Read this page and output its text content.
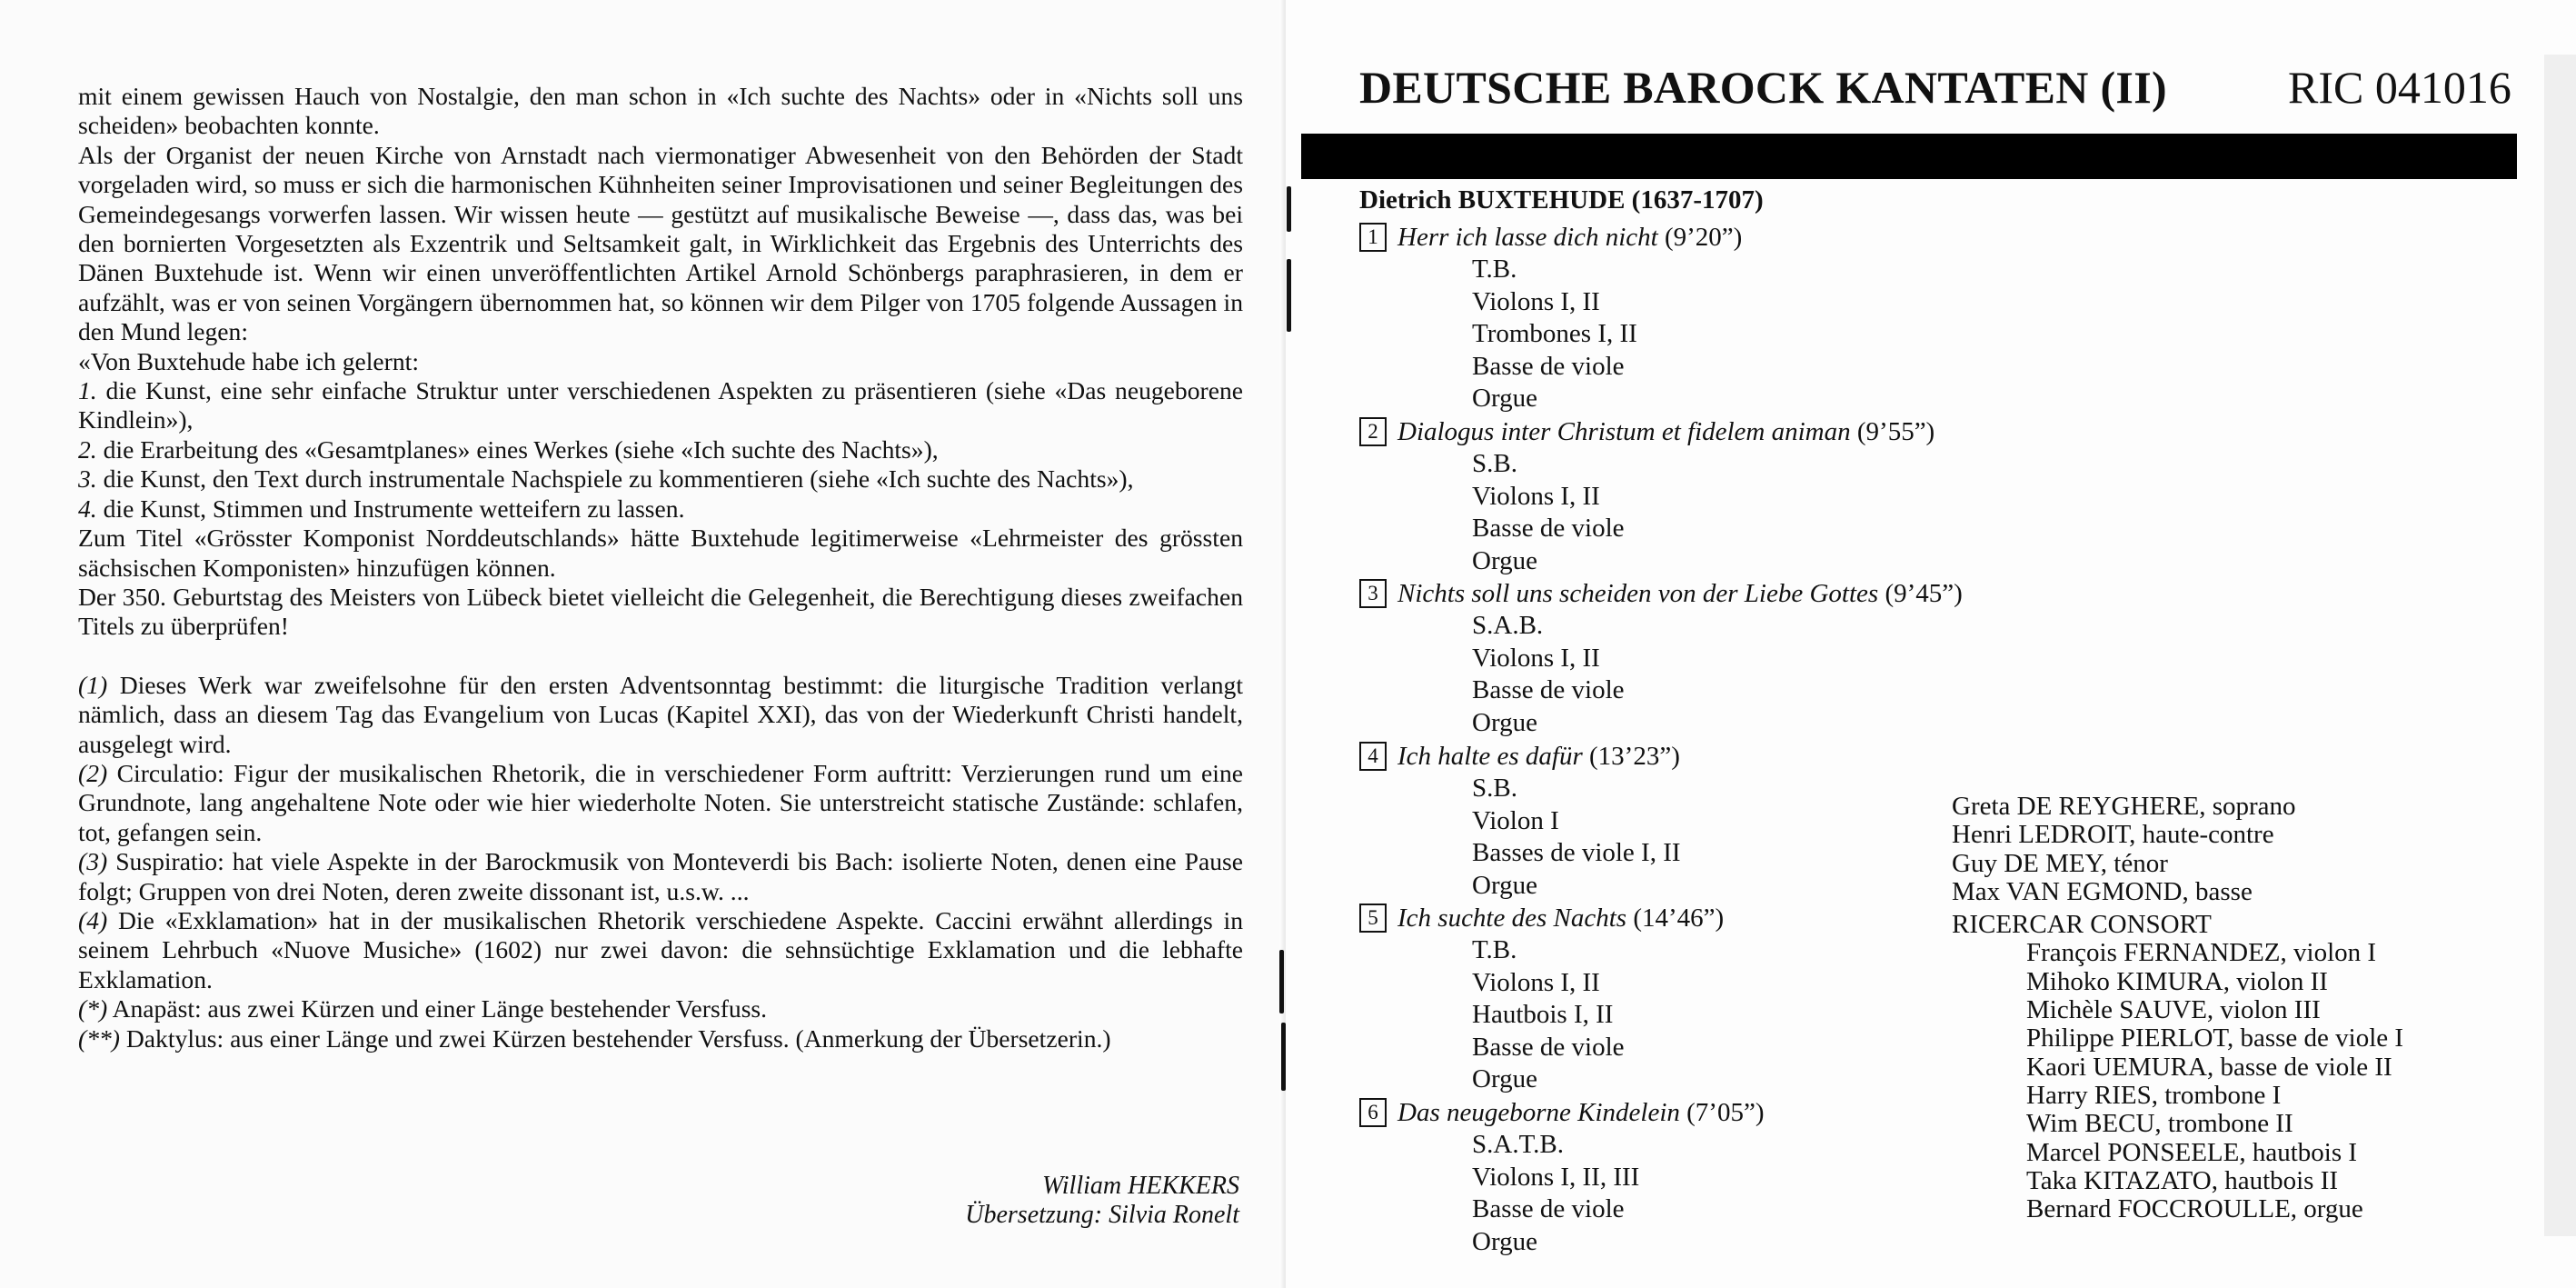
mit einem gewissen Hauch von Nostalgie, den man schon in «Ich suchte des Nachts» oder in «Nichts soll uns scheiden» beobachten konnte.

Als der Organist der neuen Kirche von Arnstadt nach viermonatiger Abwesenheit von den Behörden der Stadt vorgeladen wird, so muss er sich die harmonischen Kühnheiten seiner Improvisationen und seiner Begleitungen des Gemeindegesangs vorwerfen lassen. Wir wissen heute — gestützt auf musikalische Beweise —, dass das, was bei den bornierten Vorgesetzten als Exzentrik und Seltsamkeit galt, in Wirklichkeit das Ergebnis des Unterrichts des Dänen Buxtehude ist. Wenn wir einen unveröffentlichten Artikel Arnold Schönbergs paraphrasieren, in dem er aufzählt, was er von seinen Vorgängern übernommen hat, so können wir dem Pilger von 1705 folgende Aussagen in den Mund legen:

«Von Buxtehude habe ich gelernt:

1. die Kunst, eine sehr einfache Struktur unter verschiedenen Aspekten zu präsentieren (siehe «Das neugeborene Kindlein»),

2. die Erarbeitung des «Gesamtplanes» eines Werkes (siehe «Ich suchte des Nachts»),

3. die Kunst, den Text durch instrumentale Nachspiele zu kommentieren (siehe «Ich suchte des Nachts»),

4. die Kunst, Stimmen und Instrumente wetteifern zu lassen.

Zum Titel «Grösster Komponist Norddeutschlands» hätte Buxtehude legitimerweise «Lehrmeister des grössten sächsischen Komponisten» hinzufügen können.

Der 350. Geburtstag des Meisters von Lübeck bietet vielleicht die Gelegenheit, die Berechtigung dieses zweifachen Titels zu überprüfen!

(1) Dieses Werk war zweifelsohne für den ersten Adventsonntag bestimmt: die liturgische Tradition verlangt nämlich, dass an diesem Tag das Evangelium von Lucas (Kapitel XXI), das von der Wiederkunft Christi handelt, ausgelegt wird.

(2) Circulatio: Figur der musikalischen Rhetorik, die in verschiedener Form auftritt: Verzierungen rund um eine Grundnote, lang angehaltene Note oder wie hier wiederholte Noten. Sie unterstreicht statische Zustände: schlafen, tot, gefangen sein.

(3) Suspiratio: hat viele Aspekte in der Barockmusik von Monteverdi bis Bach: isolierte Noten, denen eine Pause folgt; Gruppen von drei Noten, deren zweite dissonant ist, u.s.w. ...

(4) Die «Exklamation» hat in der musikalischen Rhetorik verschiedene Aspekte. Caccini erwähnt allerdings in seinem Lehrbuch «Nuove Musiche» (1602) nur zwei davon: die sehnsüchtige Exklamation und die lebhafte Exklamation.

(*) Anapäst: aus zwei Kürzen und einer Länge bestehender Versfuss.

(**) Daktylus: aus einer Länge und zwei Kürzen bestehender Versfuss. (Anmerkung der Übersetzerin.)

William HEKKERS
Übersetzung: Silvia Ronelt
DEUTSCHE BAROCK KANTATEN (II)	RIC 041016
Dietrich BUXTEHUDE (1637-1707)
1 Herr ich lasse dich nicht (9’20”)
T.B.
Violons I, II
Trombones I, II
Basse de viole
Orgue
2 Dialogus inter Christum et fidelem animan (9’55”)
S.B.
Violons I, II
Basse de viole
Orgue
3 Nichts soll uns scheiden von der Liebe Gottes (9’45”)
S.A.B.
Violons I, II
Basse de viole
Orgue
4 Ich halte es dafür (13’23”)
S.B.
Violon I
Basses de viole I, II
Orgue
5 Ich suchte des Nachts (14’46”)
T.B.
Violons I, II
Hautbois I, II
Basse de viole
Orgue
6 Das neugeborne Kindelein (7’05”)
S.A.T.B.
Violons I, II, III
Basse de viole
Orgue
Greta DE REYGHERE, soprano
Henri LEDROIT, haute-contre
Guy DE MEY, ténor
Max VAN EGMOND, basse
RICERCAR CONSORT
François FERNANDEZ, violon I
Mihoko KIMURA, violon II
Michèle SAUVE, violon III
Philippe PIERLOT, basse de viole I
Kaori UEMURA, basse de viole II
Harry RIES, trombone I
Wim BECU, trombone II
Marcel PONSEELE, hautbois I
Taka KITAZATO, hautbois II
Bernard FOCCROULLE, orgue
